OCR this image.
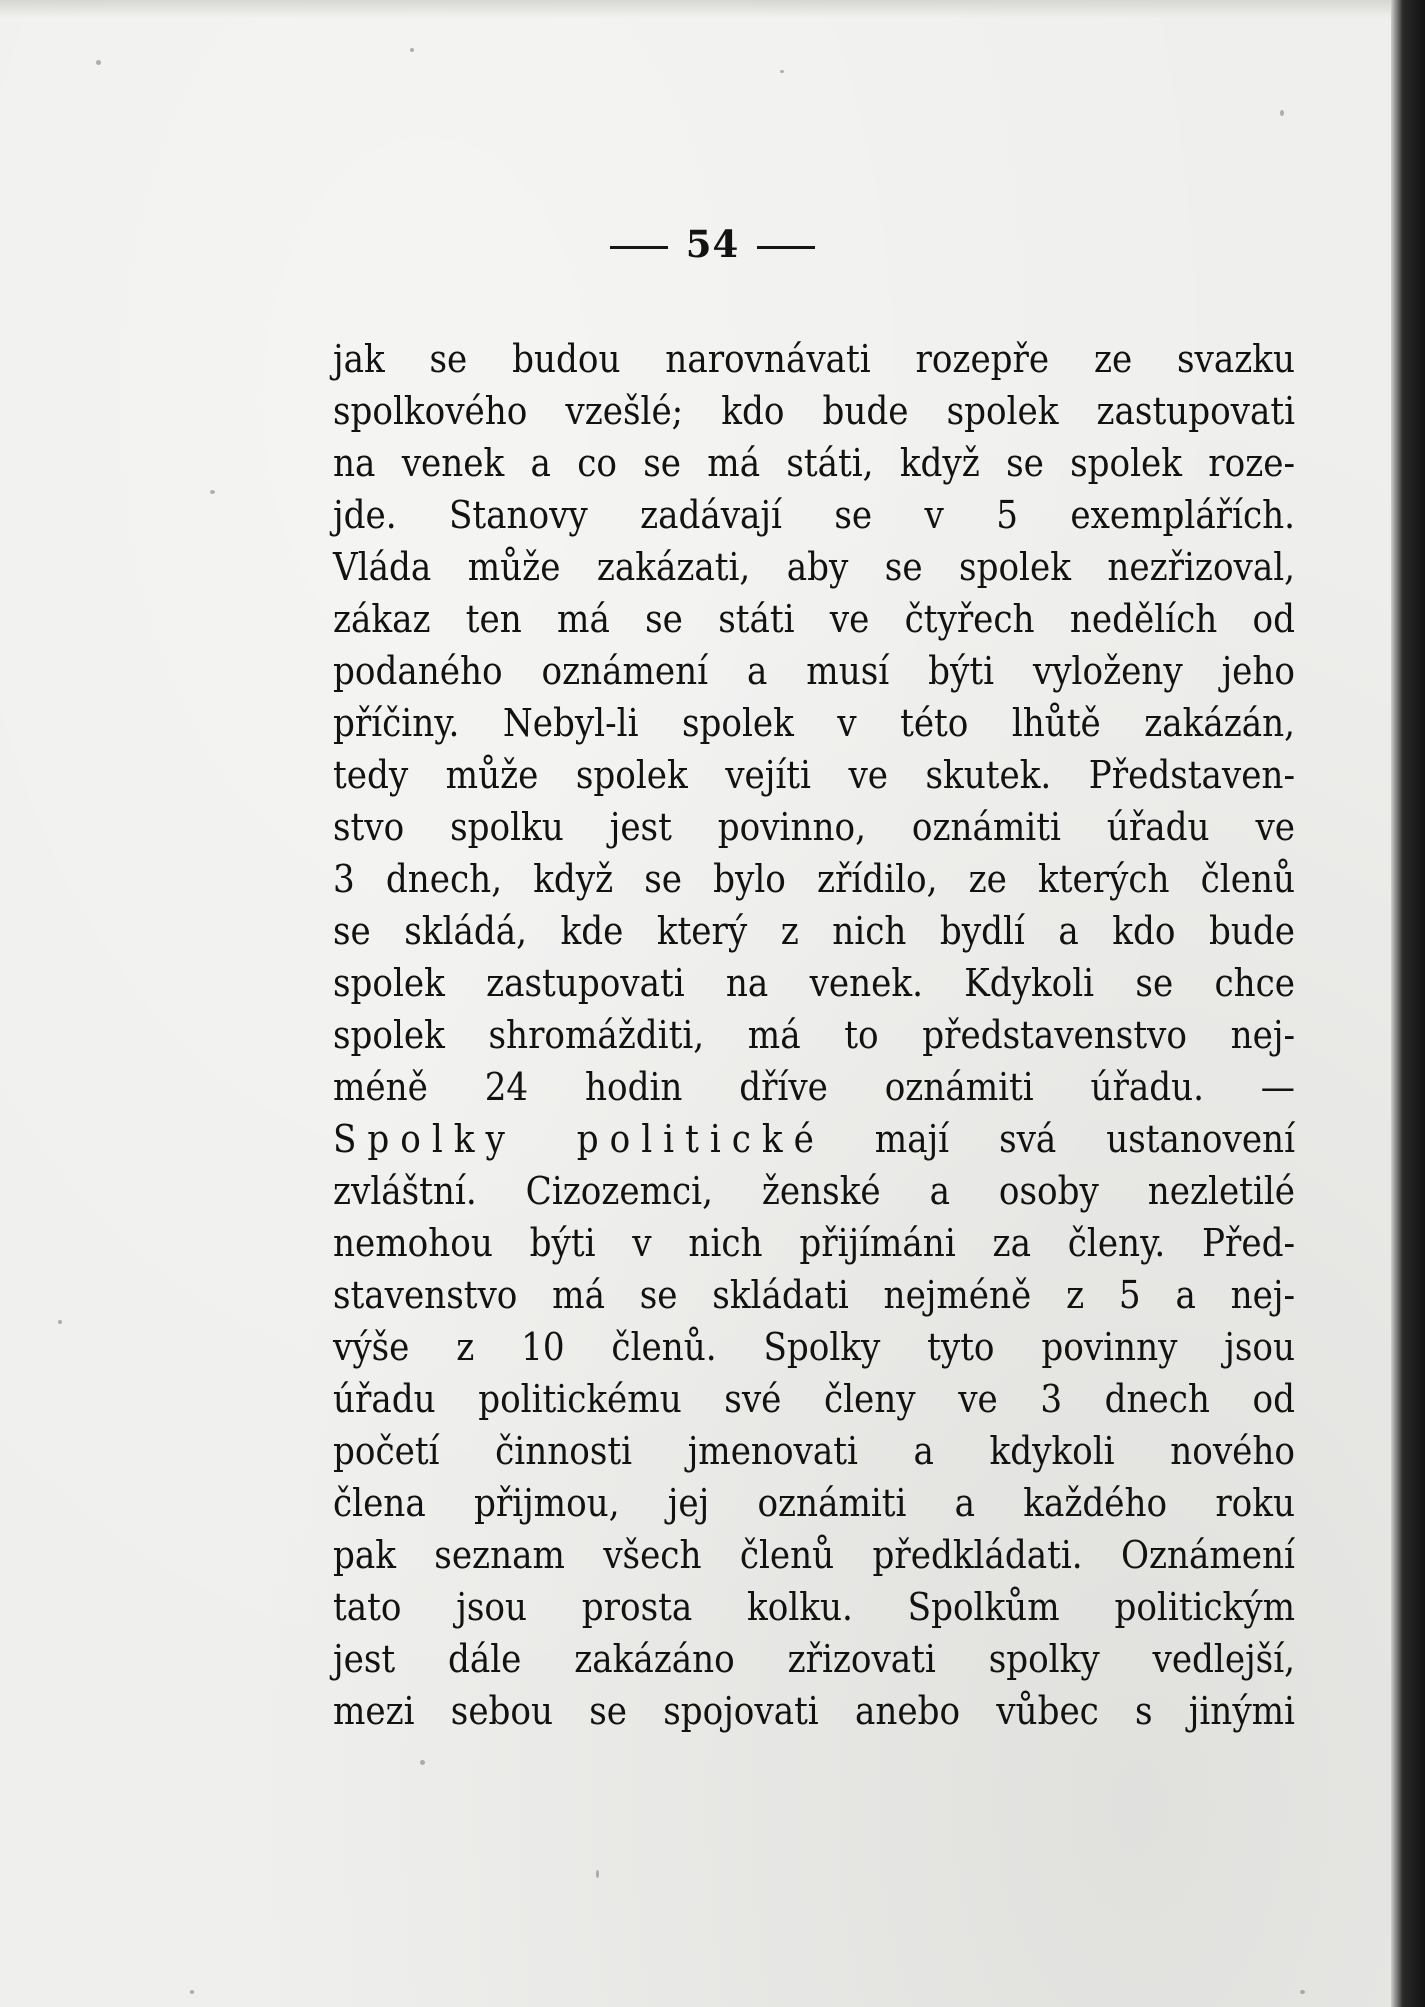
54
jak se budou narovnávati rozepře ze svazku
spolkového vzešlé; kdo bude spolek zastupovati
na venek a co se má státi, když se spolek roze-
jde. Stanovy zadávají se v 5 exemplářích.
Vláda může zakázati, aby se spolek nezřizoval,
zákaz ten má se státi ve čtyřech nedělích od
podaného oznámení a musí býti vyloženy jeho
příčiny. Nebyl-li spolek v této lhůtě zakázán,
tedy může spolek vejíti ve skutek. Představen-
stvo spolku jest povinno, oznámiti úřadu ve
3 dnech, když se bylo zřídilo, ze kterých členů
se skládá, kde který z nich bydlí a kdo bude
spolek zastupovati na venek. Kdykoli se chce
spolek shromážditi, má to představenstvo nej-
méně 24 hodin dříve oznámiti úřadu. —
Spolky politické mají svá ustanovení
zvláštní. Cizozemci, ženské a osoby nezletilé
nemohou býti v nich přijímáni za členy. Před-
stavenstvo má se skládati nejméně z 5 a nej-
výše z 10 členů. Spolky tyto povinny jsou
úřadu politickému své členy ve 3 dnech od
početí činnosti jmenovati a kdykoli nového
člena přijmou, jej oznámiti a každého roku
pak seznam všech členů předkládati. Oznámení
tato jsou prosta kolku. Spolkům politickým
jest dále zakázáno zřizovati spolky vedlejší,
mezi sebou se spojovati anebo vůbec s jinými
